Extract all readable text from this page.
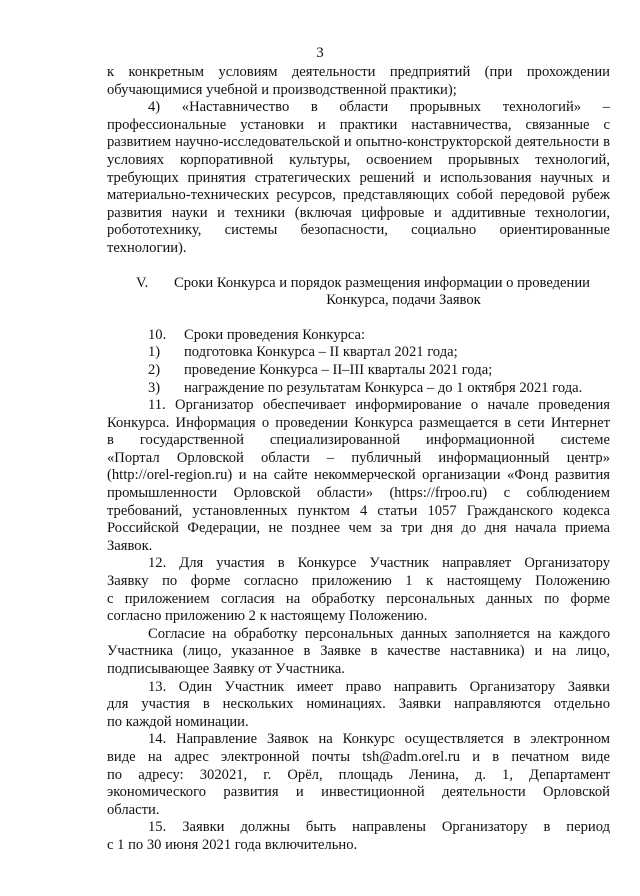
3

к конкретным условиям деятельности предприятий (при прохождении

обучающимися учебной и производственной практики);

4) «Наставничество в области прорывных технологий» –

профессиональные установки и практики наставничества, связанные с

развитием научно-исследовательской и опытно-конструкторской деятельности в

условиях корпоративной культуры, освоением прорывных технологий,

требующих принятия стратегических решений и использования научных и

материально-технических ресурсов, представляющих собой передовой рубеж

развития науки и техники (включая цифровые и аддитивные технологии,

робототехнику, системы безопасности, социально ориентированные

технологии).

V.	Сроки Конкурса и порядок размещения информации о проведении
Конкурса, подачи Заявок
10.	Сроки проведения Конкурса:
1)	подготовка Конкурса – II квартал 2021 года;
2)	проведение Конкурса – II–III кварталы 2021 года;
3)	награждение по результатам Конкурса – до 1 октября 2021 года.

11. Организатор обеспечивает информирование о начале проведения

Конкурса. Информация о проведении Конкурса размещается в сети Интернет

в государственной специализированной информационной системе

«Портал Орловской области – публичный информационный центр»

(http://orel-region.ru) и на сайте некоммерческой организации «Фонд развития

промышленности Орловской области» (https://frpoo.ru) с соблюдением

требований, установленных пунктом 4 статьи 1057 Гражданского кодекса

Российской Федерации, не позднее чем за три дня до дня начала приема

Заявок.

12. Для участия в Конкурсе Участник направляет Организатору

Заявку по форме согласно приложению 1 к настоящему Положению

с приложением согласия на обработку персональных данных по форме

согласно приложению 2 к настоящему Положению.

Согласие на обработку персональных данных заполняется на каждого

Участника (лицо, указанное в Заявке в качестве наставника) и на лицо,

подписывающее Заявку от Участника.

13. Один Участник имеет право направить Организатору Заявки

для участия в нескольких номинациях. Заявки направляются отдельно

по каждой номинации.

14. Направление Заявок на Конкурс осуществляется в электронном

виде на адрес электронной почты tsh@adm.orel.ru и в печатном виде

по адресу: 302021, г. Орёл, площадь Ленина, д. 1, Департамент

экономического развития и инвестиционной деятельности Орловской

области.

15. Заявки должны быть направлены Организатору в период

с 1 по 30 июня 2021 года включительно.
